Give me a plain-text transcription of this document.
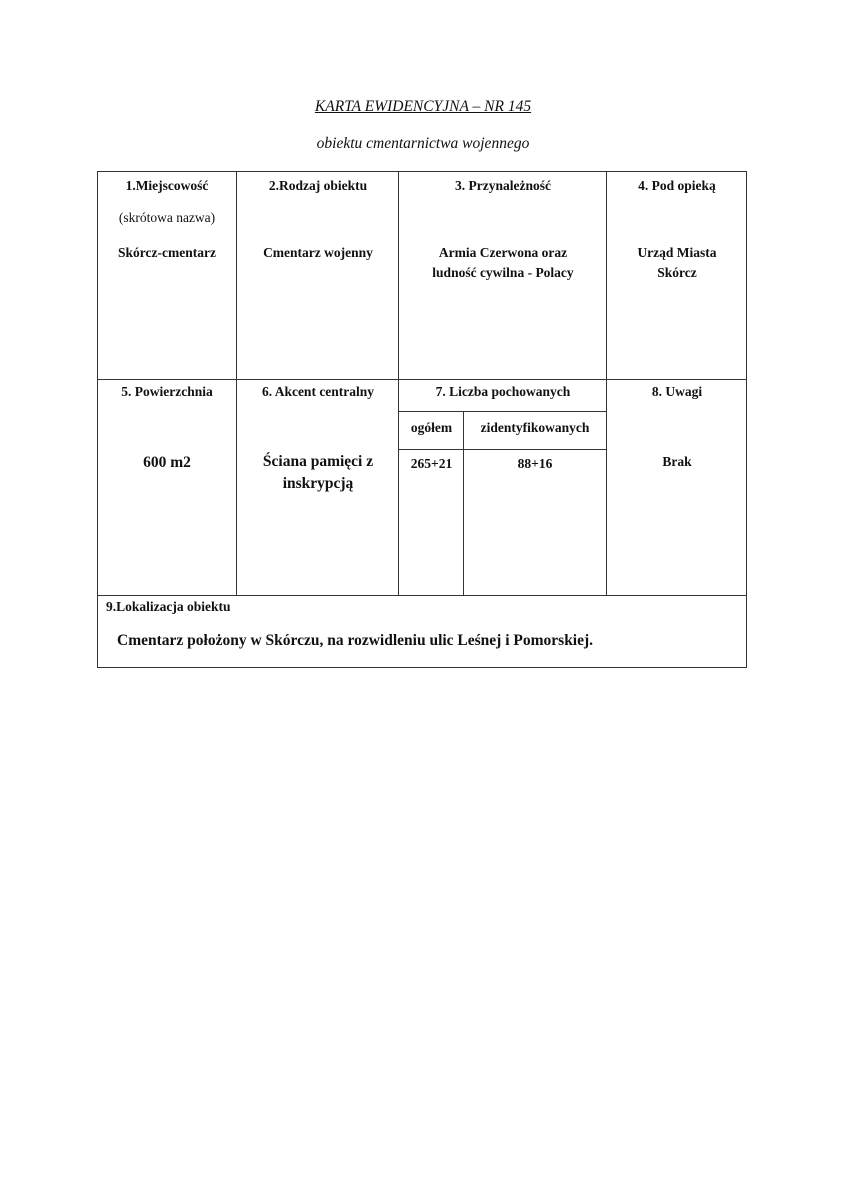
KARTA EWIDENCYJNA – NR 145
obiektu cmentarnictwa wojennego
1.Miejscowość
(skrótowa nazwa)
Skórcz-cmentarz
2.Rodzaj obiektu
Cmentarz wojenny
3. Przynależność
Armia Czerwona oraz
ludność cywilna - Polacy
4. Pod opieką
Urząd Miasta
Skórcz
5. Powierzchnia
600 m2
6. Akcent centralny
Ściana pamięci z
inskrypcją
7. Liczba pochowanych
ogółem	zidentyfikowanych
265+21	88+16
8. Uwagi
Brak
9.Lokalizacja obiektu
Cmentarz położony w Skórczu, na rozwidleniu ulic Leśnej i Pomorskiej.
